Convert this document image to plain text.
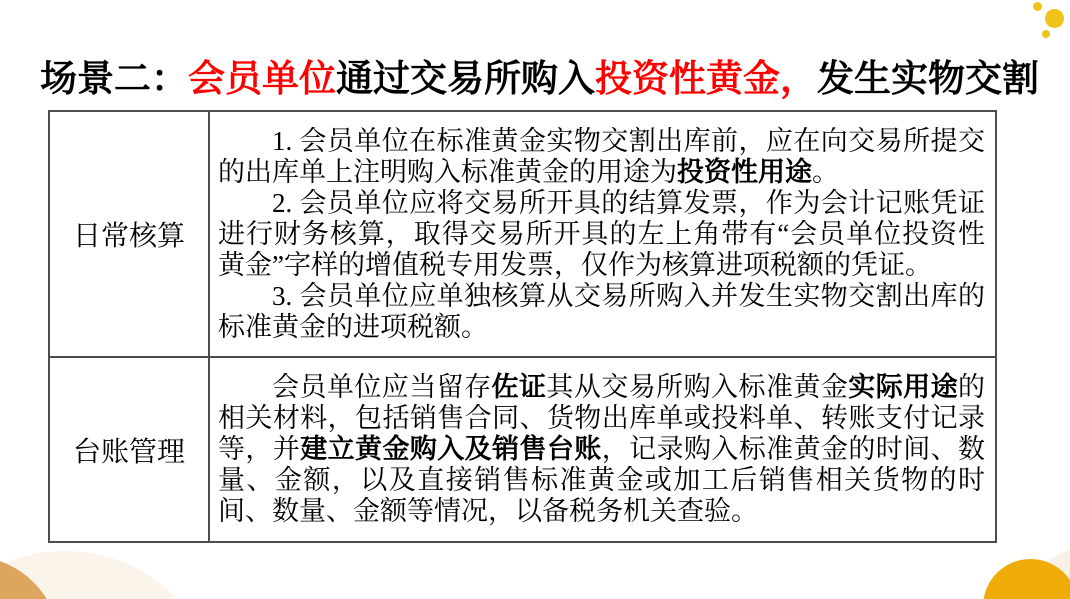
场景二：会员单位通过交易所购入投资性黄金，发生实物交割
日常核算

1. 会员单位在标准黄金实物交割出库前，应在向交易所提交的出库单上注明购入标准黄金的用途为投资性用途。

2. 会员单位应将交易所开具的结算发票，作为会计记账凭证进行财务核算，取得交易所开具的左上角带有“会员单位投资性黄金”字样的增值税专用发票，仅作为核算进项税额的凭证。

3. 会员单位应单独核算从交易所购入并发生实物交割出库的标准黄金的进项税额。

台账管理

会员单位应当留存佐证其从交易所购入标准黄金实际用途的相关材料，包括销售合同、货物出库单或投料单、转账支付记录等，并建立黄金购入及销售台账，记录购入标准黄金的时间、数量、金额，以及直接销售标准黄金或加工后销售相关货物的时间、数量、金额等情况，以备税务机关查验。
